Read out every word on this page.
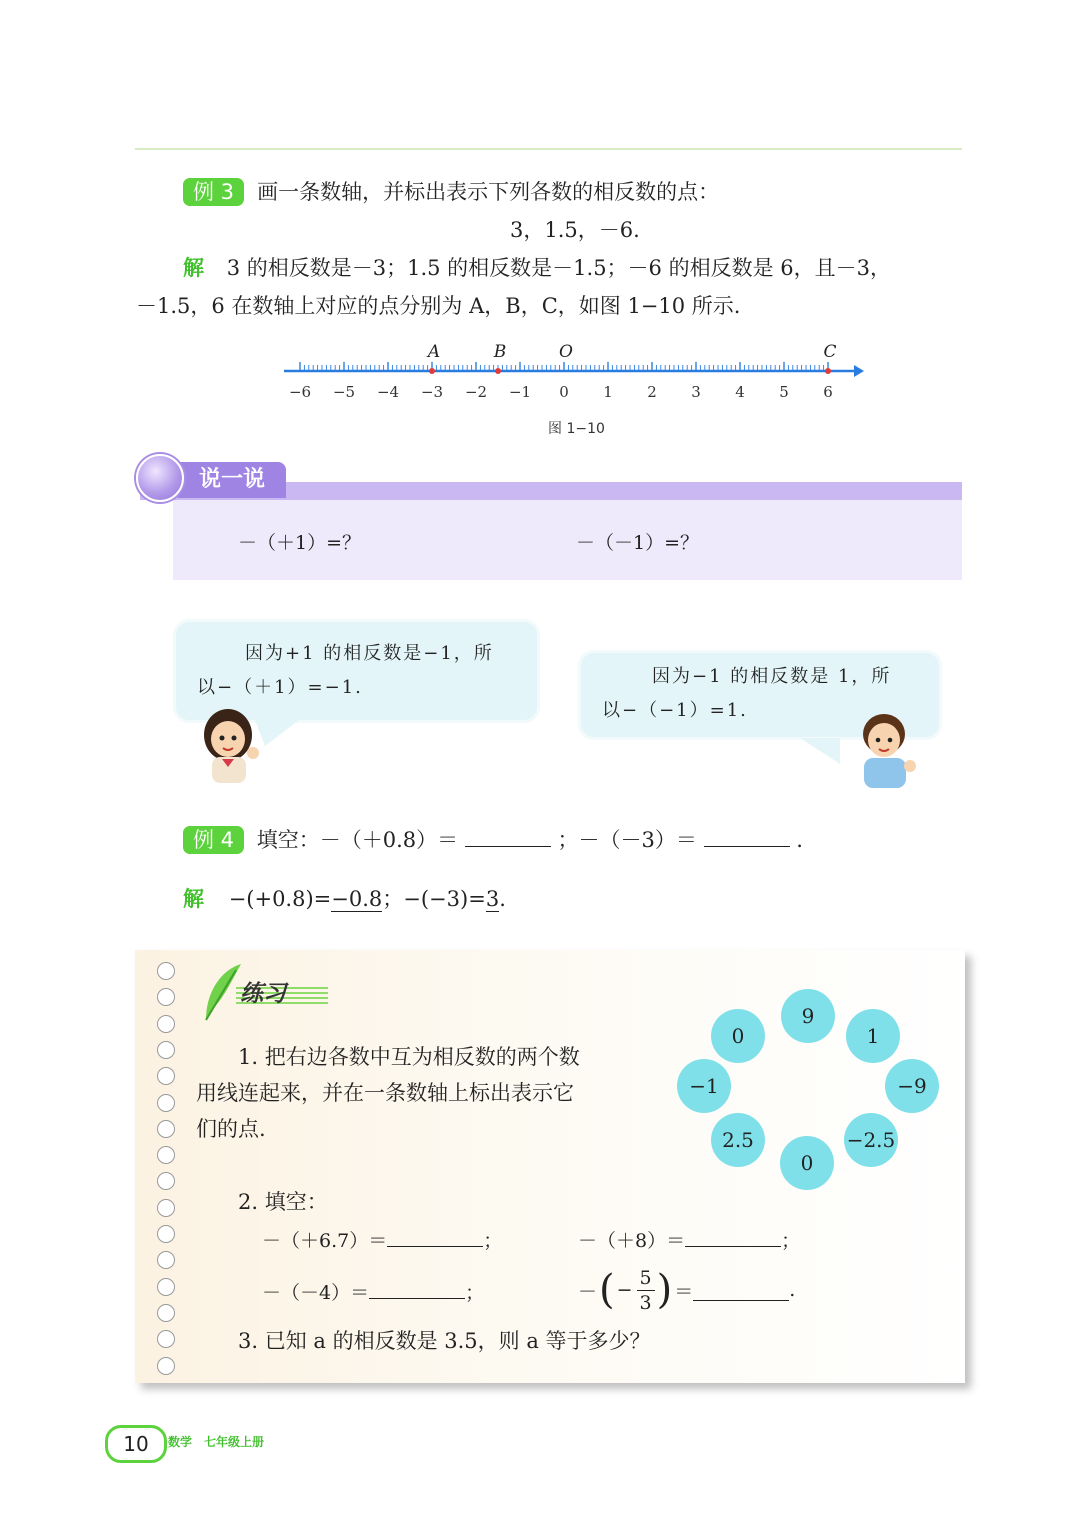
例 3 画一条数轴，并标出表示下列各数的相反数的点：
3，1.5，－6.
解 3 的相反数是－3；1.5 的相反数是－1.5；－6 的相反数是 6，且－3，
－1.5，6 在数轴上对应的点分别为 A，B，C，如图 1−10 所示.
−6 −5 −4 −3 −2 −1 0 1 2 3 4 5 6
A	B	O	C
图 1−10
说一说
－（＋1）=？	－（－1）=？
因为+1 的相反数是−1，所
以−（＋1）=−1.
因为−1 的相反数是 1，所
以−（−1）=1.
例 4 填空：－（＋0.8）＝	；－（－3）＝	.
解 −(+0.8)=−0.8；−(−3)=3.
练习
1. 把右边各数中互为相反数的两个数
用线连起来，并在一条数轴上标出表示它
们的点.
9
0	1
−1	−9
2.5	−2.5
0
2. 填空：
－（＋6.7）＝	；	－（＋8）＝	；
－（－4）＝	；	－ ( − $\frac{5}{3}$ ) ＝	.
3. 已知 a 的相反数是 3.5，则 a 等于多少？
10	数学　七年级上册
